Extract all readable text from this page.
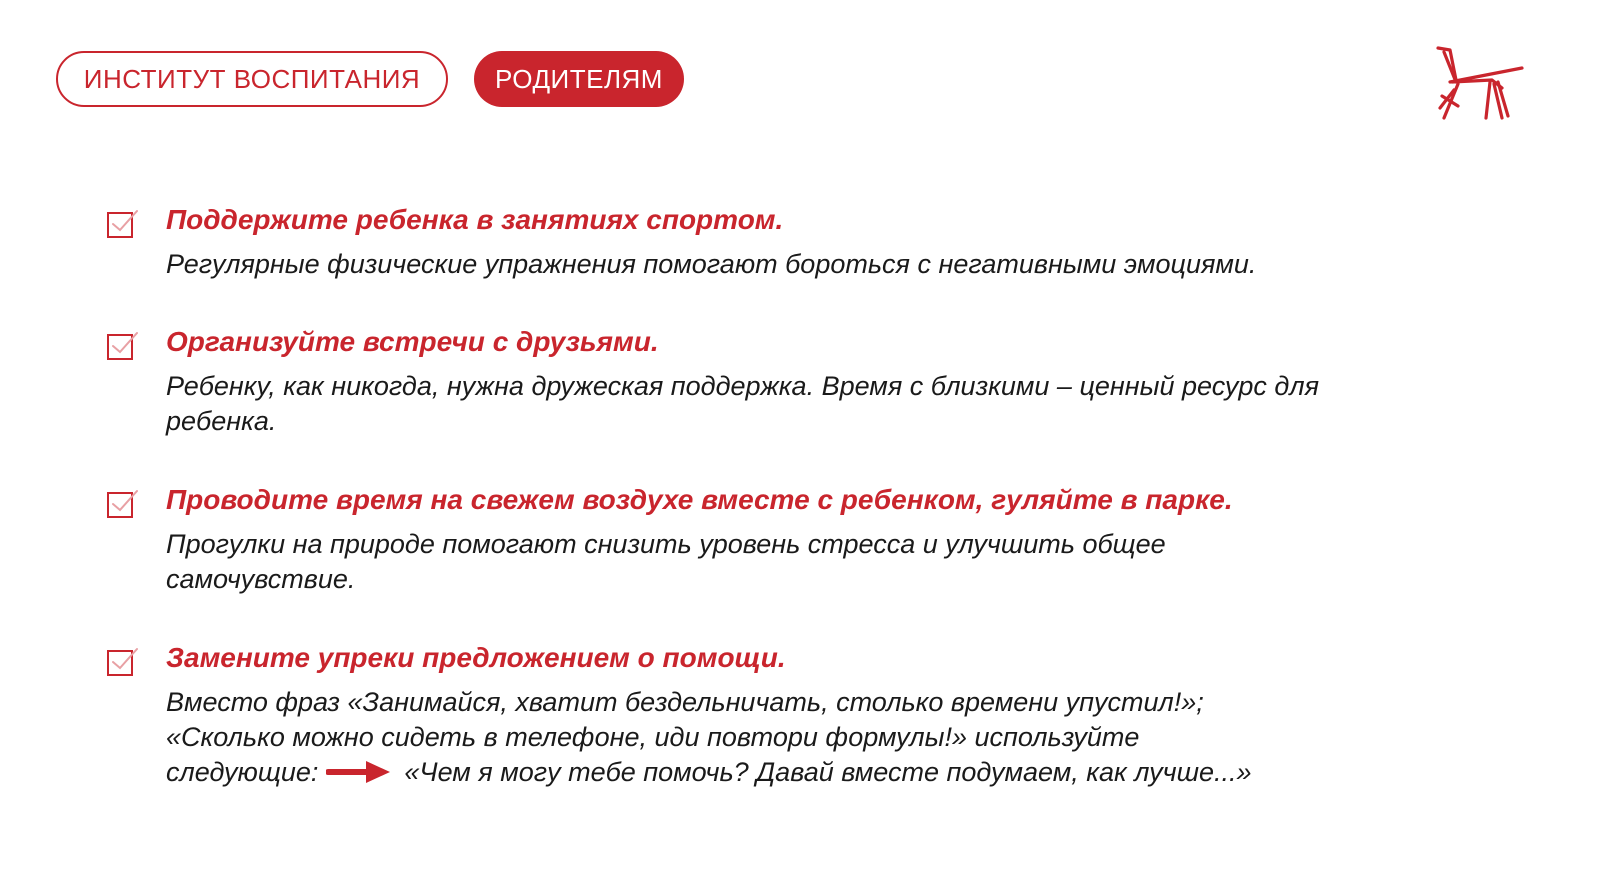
ИНСТИТУТ ВОСПИТАНИЯ	РОДИТЕЛЯМ
Поддержите ребенка в занятиях спортом.

Регулярные физические упражнения помогают бороться с негативными эмоциями.

Организуйте встречи с друзьями.

Ребенку, как никогда, нужна дружеская поддержка. Время с близкими – ценный ресурс для ребенка.

Проводите время на свежем воздухе вместе с ребенком, гуляйте в парке.

Прогулки на природе помогают снизить уровень стресса и улучшить общее самочувствие.

Замените упреки предложением о помощи.
Вместо фраз «Занимайся, хватит бездельничать, столько времени упустил!»;
«Сколько можно сидеть в телефоне, иди повтори формулы!» используйте
следующие:	«Чем я могу тебе помочь? Давай вместе подумаем, как лучше...»
